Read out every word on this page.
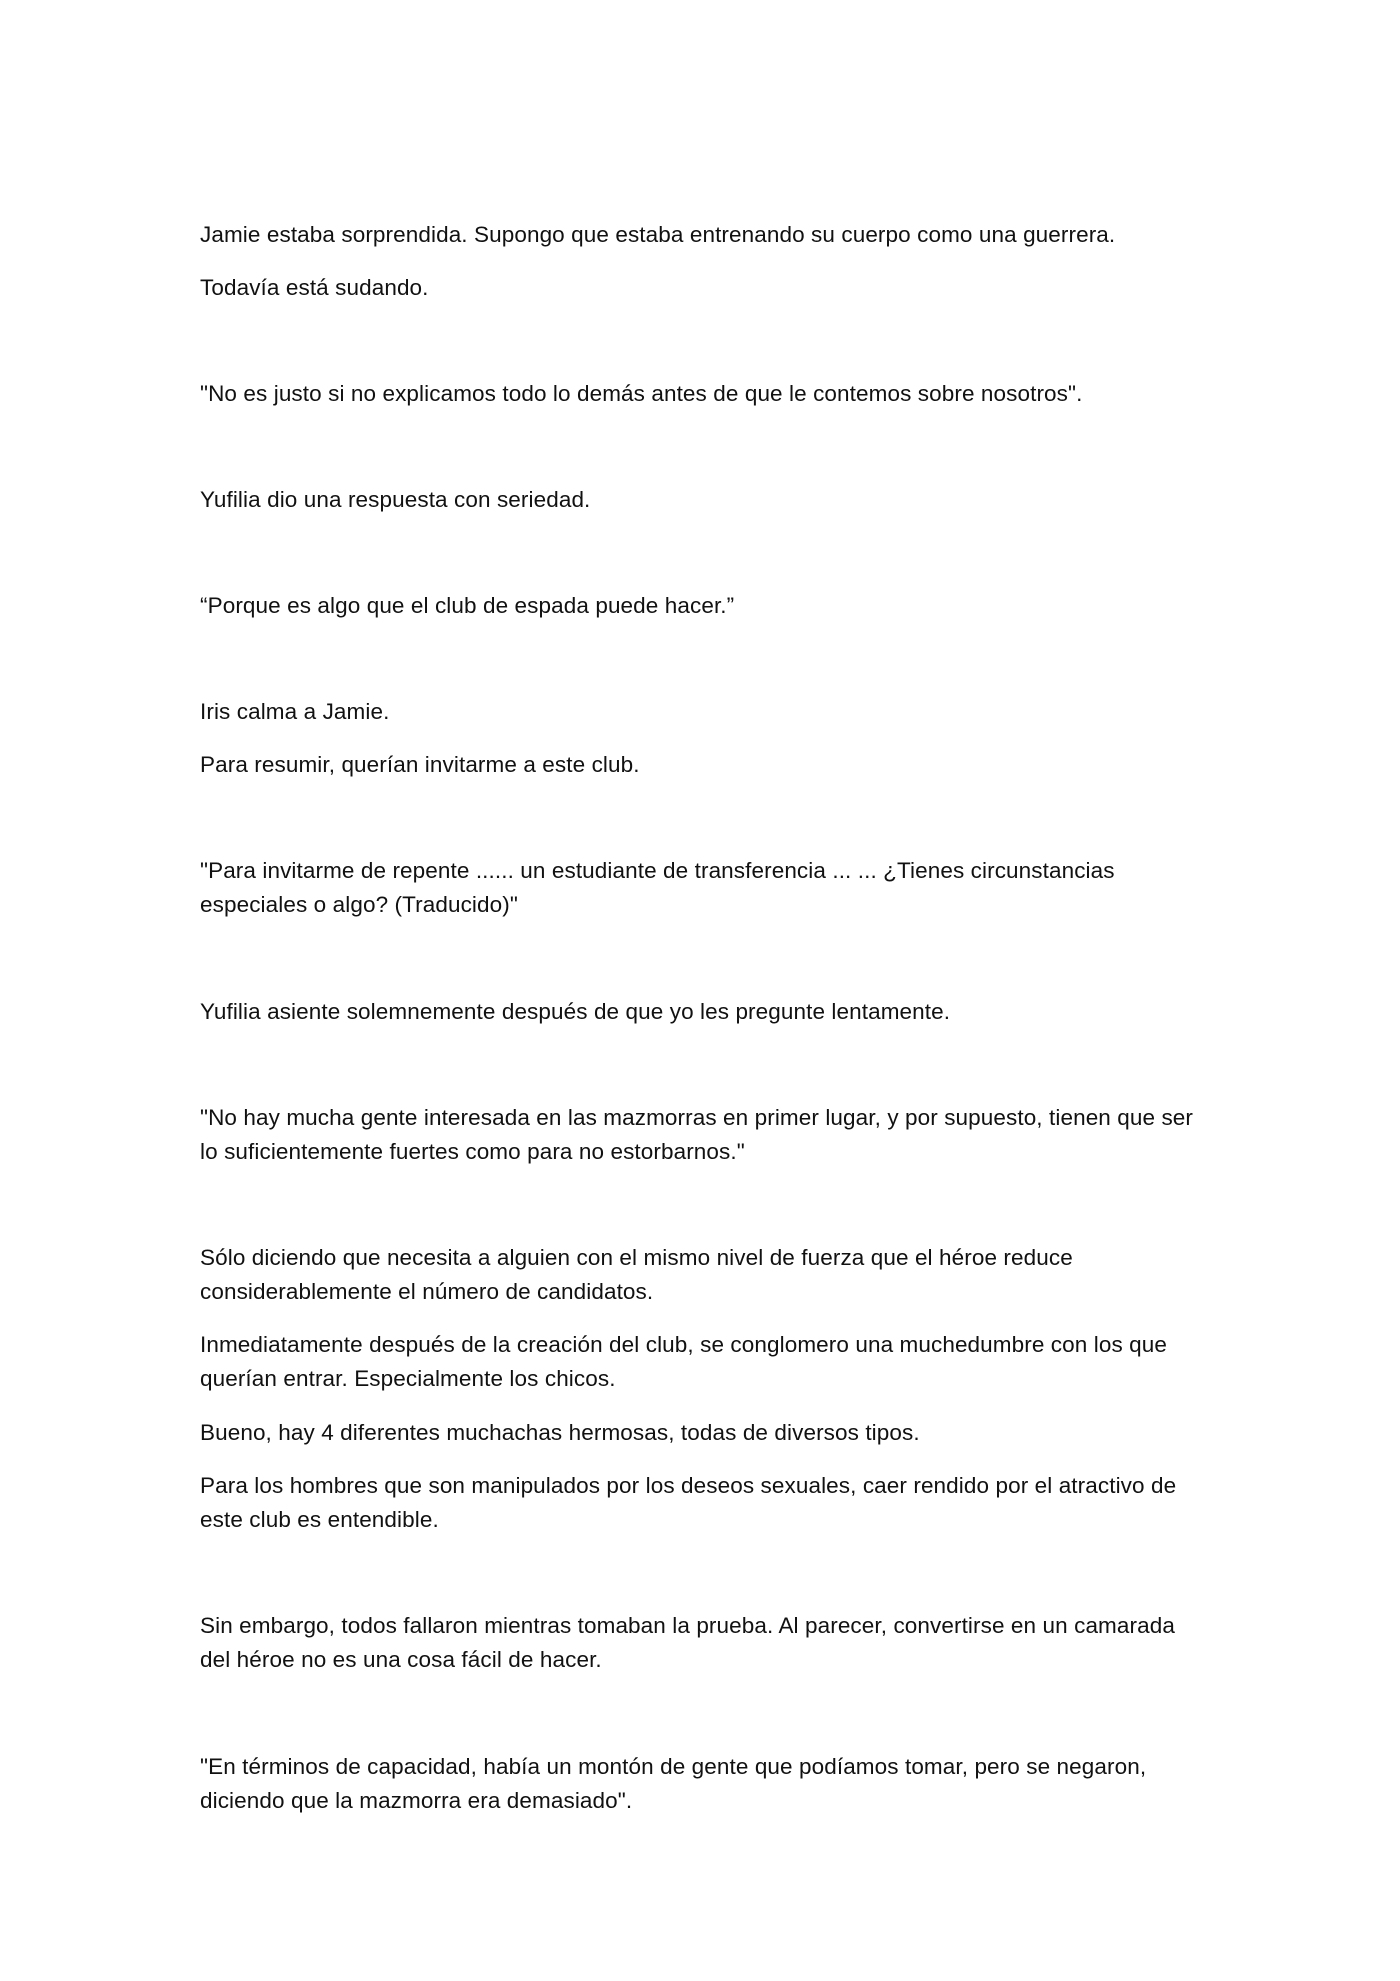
Jamie estaba sorprendida. Supongo que estaba entrenando su cuerpo como una guerrera.

Todavía está sudando.

"No es justo si no explicamos todo lo demás antes de que le contemos sobre nosotros".

Yufilia dio una respuesta con seriedad.

“Porque es algo que el club de espada puede hacer.”

Iris calma a Jamie.

Para resumir, querían invitarme a este club.

"Para invitarme de repente ...... un estudiante de transferencia ... ... ¿Tienes circunstancias especiales o algo? (Traducido)"

Yufilia asiente solemnemente después de que yo les pregunte lentamente.

"No hay mucha gente interesada en las mazmorras en primer lugar, y por supuesto, tienen que ser lo suficientemente fuertes como para no estorbarnos."

Sólo diciendo que necesita a alguien con el mismo nivel de fuerza que el héroe reduce considerablemente el número de candidatos.

Inmediatamente después de la creación del club, se conglomero una muchedumbre con los que querían entrar. Especialmente los chicos.

Bueno, hay 4 diferentes muchachas hermosas, todas de diversos tipos.

Para los hombres que son manipulados por los deseos sexuales, caer rendido por el atractivo de este club es entendible.

Sin embargo, todos fallaron mientras tomaban la prueba. Al parecer, convertirse en un camarada del héroe no es una cosa fácil de hacer.

"En términos de capacidad, había un montón de gente que podíamos tomar, pero se negaron, diciendo que la mazmorra era demasiado".
